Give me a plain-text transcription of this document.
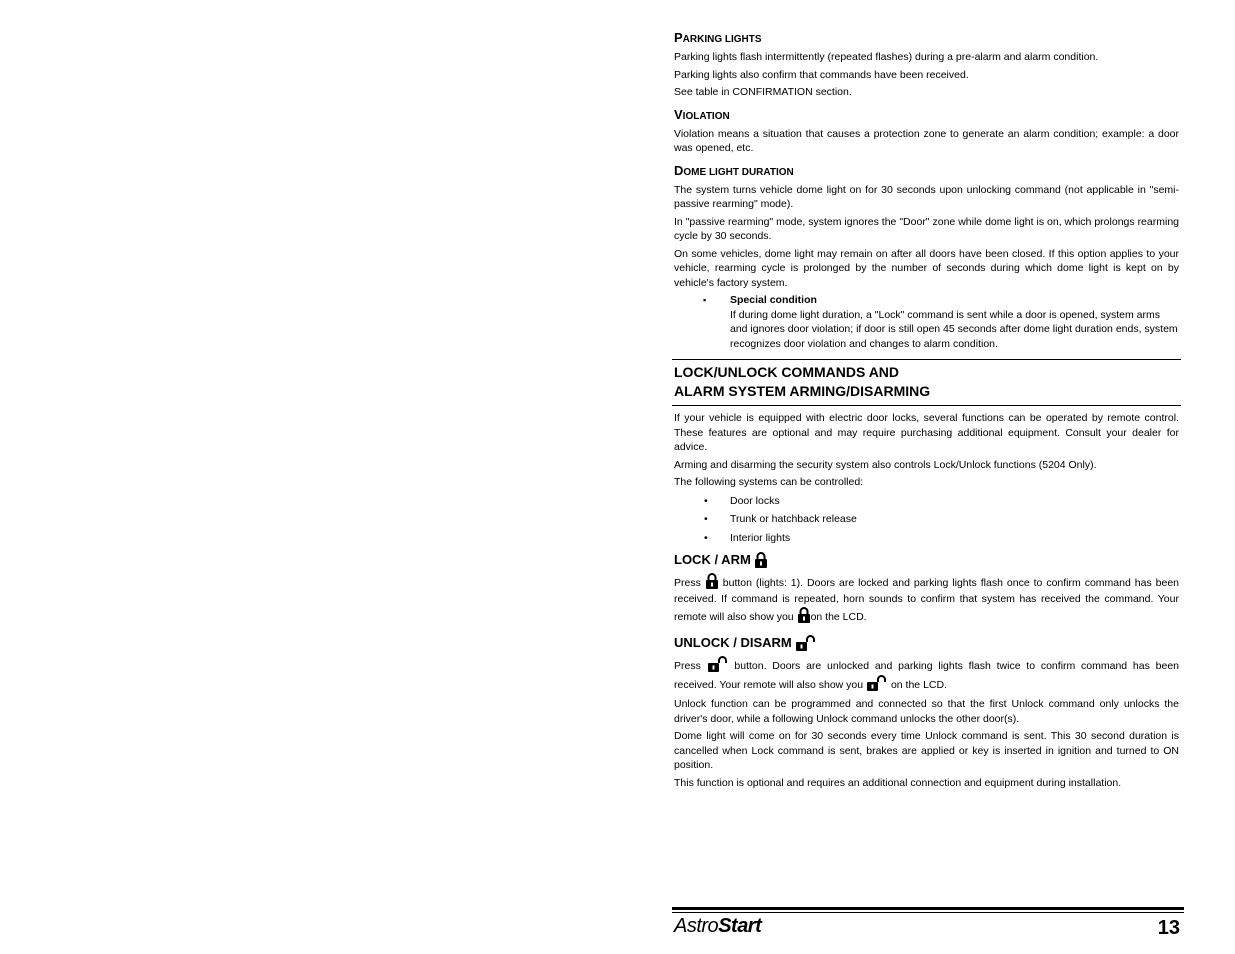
PARKING LIGHTS

Parking lights flash intermittently (repeated flashes) during a pre-alarm and alarm condition.

Parking lights also confirm that commands have been received.

See table in CONFIRMATION section.

VIOLATION

Violation means a situation that causes a protection zone to generate an alarm condition; example: a door was opened, etc.

DOME LIGHT DURATION

The system turns vehicle dome light on for 30 seconds upon unlocking command (not applicable in "semi-passive rearming" mode).

In "passive rearming" mode, system ignores the "Door" zone while dome light is on, which prolongs rearming cycle by 30 seconds.

On some vehicles, dome light may remain on after all doors have been closed. If this option applies to your vehicle, rearming cycle is prolonged by the number of seconds during which dome light is kept on by vehicle's factory system.

▪ Special condition
If during dome light duration, a "Lock" command is sent while a door is opened, system arms and ignores door violation; if door is still open 45 seconds after dome light duration ends, system recognizes door violation and changes to alarm condition.
LOCK/UNLOCK COMMANDS AND
ALARM SYSTEM ARMING/DISARMING

If your vehicle is equipped with electric door locks, several functions can be operated by remote control. These features are optional and may require purchasing additional equipment. Consult your dealer for advice.

Arming and disarming the security system also controls Lock/Unlock functions (5204 Only).

The following systems can be controlled:

• Door locks
• Trunk or hatchback release
• Interior lights
LOCK / ARM

Press button (lights: 1). Doors are locked and parking lights flash once to confirm command has been received. If command is repeated, horn sounds to confirm that system has received the command. Your remote will also show you on the LCD.

UNLOCK / DISARM

Press	button. Doors are unlocked and parking lights flash twice to confirm command has been received. Your remote will also show you	on the LCD.

Unlock function can be programmed and connected so that the first Unlock command only unlocks the driver's door, while a following Unlock command unlocks the other door(s).

Dome light will come on for 30 seconds every time Unlock command is sent. This 30 second duration is cancelled when Lock command is sent, brakes are applied or key is inserted in ignition and turned to ON position.

This function is optional and requires an additional connection and equipment during installation.

AstroStart	13
